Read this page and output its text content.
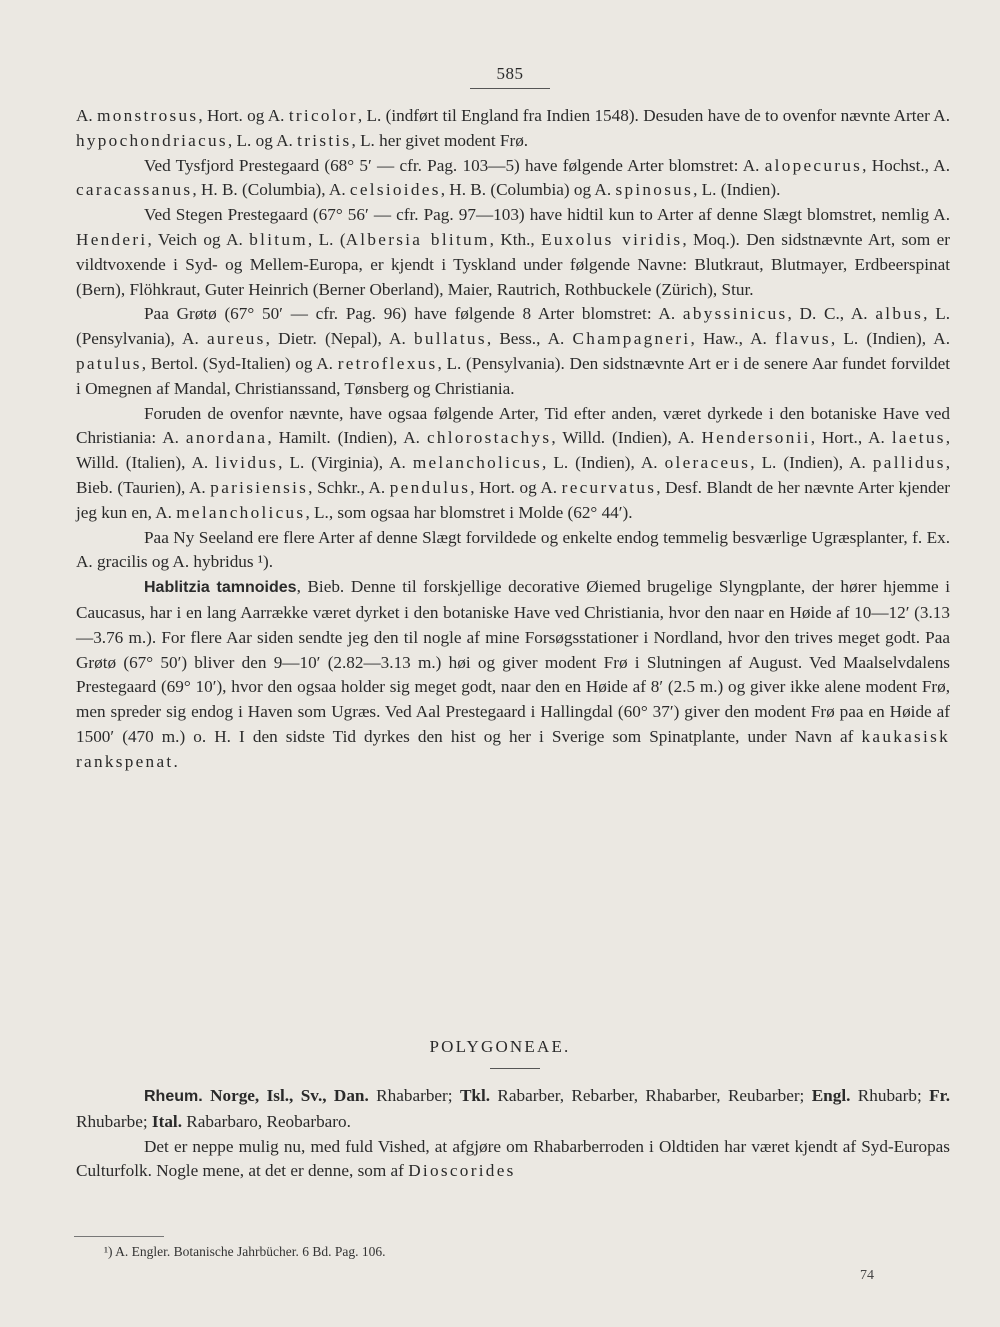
585

A. monstrosus, Hort. og A. tricolor, L. (indført til England fra Indien 1548). Desuden have de to ovenfor nævnte Arter A. hypochondriacus, L. og A. tristis, L. her givet modent Frø.

Ved Tysfjord Prestegaard (68° 5′ — cfr. Pag. 103—5) have følgende Arter blomstret: A. alopecurus, Hochst., A. caracassanus, H. B. (Columbia), A. celsioides, H. B. (Columbia) og A. spinosus, L. (Indien).

Ved Stegen Prestegaard (67° 56′ — cfr. Pag. 97—103) have hidtil kun to Arter af denne Slægt blomstret, nemlig A. Henderi, Veich og A. blitum, L. (Albersia blitum, Kth., Euxolus viridis, Moq.). Den sidstnævnte Art, som er vildtvoxende i Syd- og Mellem-Europa, er kjendt i Tyskland under følgende Navne: Blutkraut, Blutmayer, Erdbeerspinat (Bern), Flöhkraut, Guter Heinrich (Berner Oberland), Maier, Rautrich, Rothbuckele (Zürich), Stur.

Paa Grøtø (67° 50′ — cfr. Pag. 96) have følgende 8 Arter blomstret: A. abyssinicus, D. C., A. albus, L. (Pensylvania), A. aureus, Dietr. (Nepal), A. bullatus, Bess., A. Champagneri, Haw., A. flavus, L. (Indien), A. patulus, Bertol. (Syd-Italien) og A. retroflexus, L. (Pensylvania). Den sidstnævnte Art er i de senere Aar fundet forvildet i Omegnen af Mandal, Christianssand, Tønsberg og Christiania.

Foruden de ovenfor nævnte, have ogsaa følgende Arter, Tid efter anden, været dyrkede i den botaniske Have ved Christiania: A. anordana, Hamilt. (Indien), A. chlorostachys, Willd. (Indien), A. Hendersonii, Hort., A. laetus, Willd. (Italien), A. lividus, L. (Virginia), A. melancholicus, L. (Indien), A. oleraceus, L. (Indien), A. pallidus, Bieb. (Taurien), A. parisiensis, Schkr., A. pendulus, Hort. og A. recurvatus, Desf. Blandt de her nævnte Arter kjender jeg kun en, A. melancholicus, L., som ogsaa har blomstret i Molde (62° 44′).

Paa Ny Seeland ere flere Arter af denne Slægt forvildede og enkelte endog temmelig besværlige Ugræsplanter, f. Ex. A. gracilis og A. hybridus ¹).

Hablitzia tamnoides, Bieb. Denne til forskjellige decorative Øiemed brugelige Slyngplante, der hører hjemme i Caucasus, har i en lang Aarrække været dyrket i den botaniske Have ved Christiania, hvor den naar en Høide af 10—12′ (3.13—3.76 m.). For flere Aar siden sendte jeg den til nogle af mine Forsøgsstationer i Nordland, hvor den trives meget godt. Paa Grøtø (67° 50′) bliver den 9—10′ (2.82—3.13 m.) høi og giver modent Frø i Slutningen af August. Ved Maalselvdalens Prestegaard (69° 10′), hvor den ogsaa holder sig meget godt, naar den en Høide af 8′ (2.5 m.) og giver ikke alene modent Frø, men spreder sig endog i Haven som Ugræs. Ved Aal Prestegaard i Hallingdal (60° 37′) giver den modent Frø paa en Høide af 1500′ (470 m.) o. H. I den sidste Tid dyrkes den hist og her i Sverige som Spinatplante, under Navn af kaukasisk rankspenat.

POLYGONEAE.

Rheum. Norge, Isl., Sv., Dan. Rhabarber; Tkl. Rabarber, Rebarber, Rhabarber, Reubarber; Engl. Rhubarb; Fr. Rhubarbe; Ital. Rabarbaro, Reobarbaro.

Det er neppe mulig nu, med fuld Vished, at afgjøre om Rhabarberroden i Oldtiden har været kjendt af Syd-Europas Culturfolk. Nogle mene, at det er denne, som af Dioscorides

¹) A. Engler. Botanische Jahrbücher. 6 Bd. Pag. 106.
74
